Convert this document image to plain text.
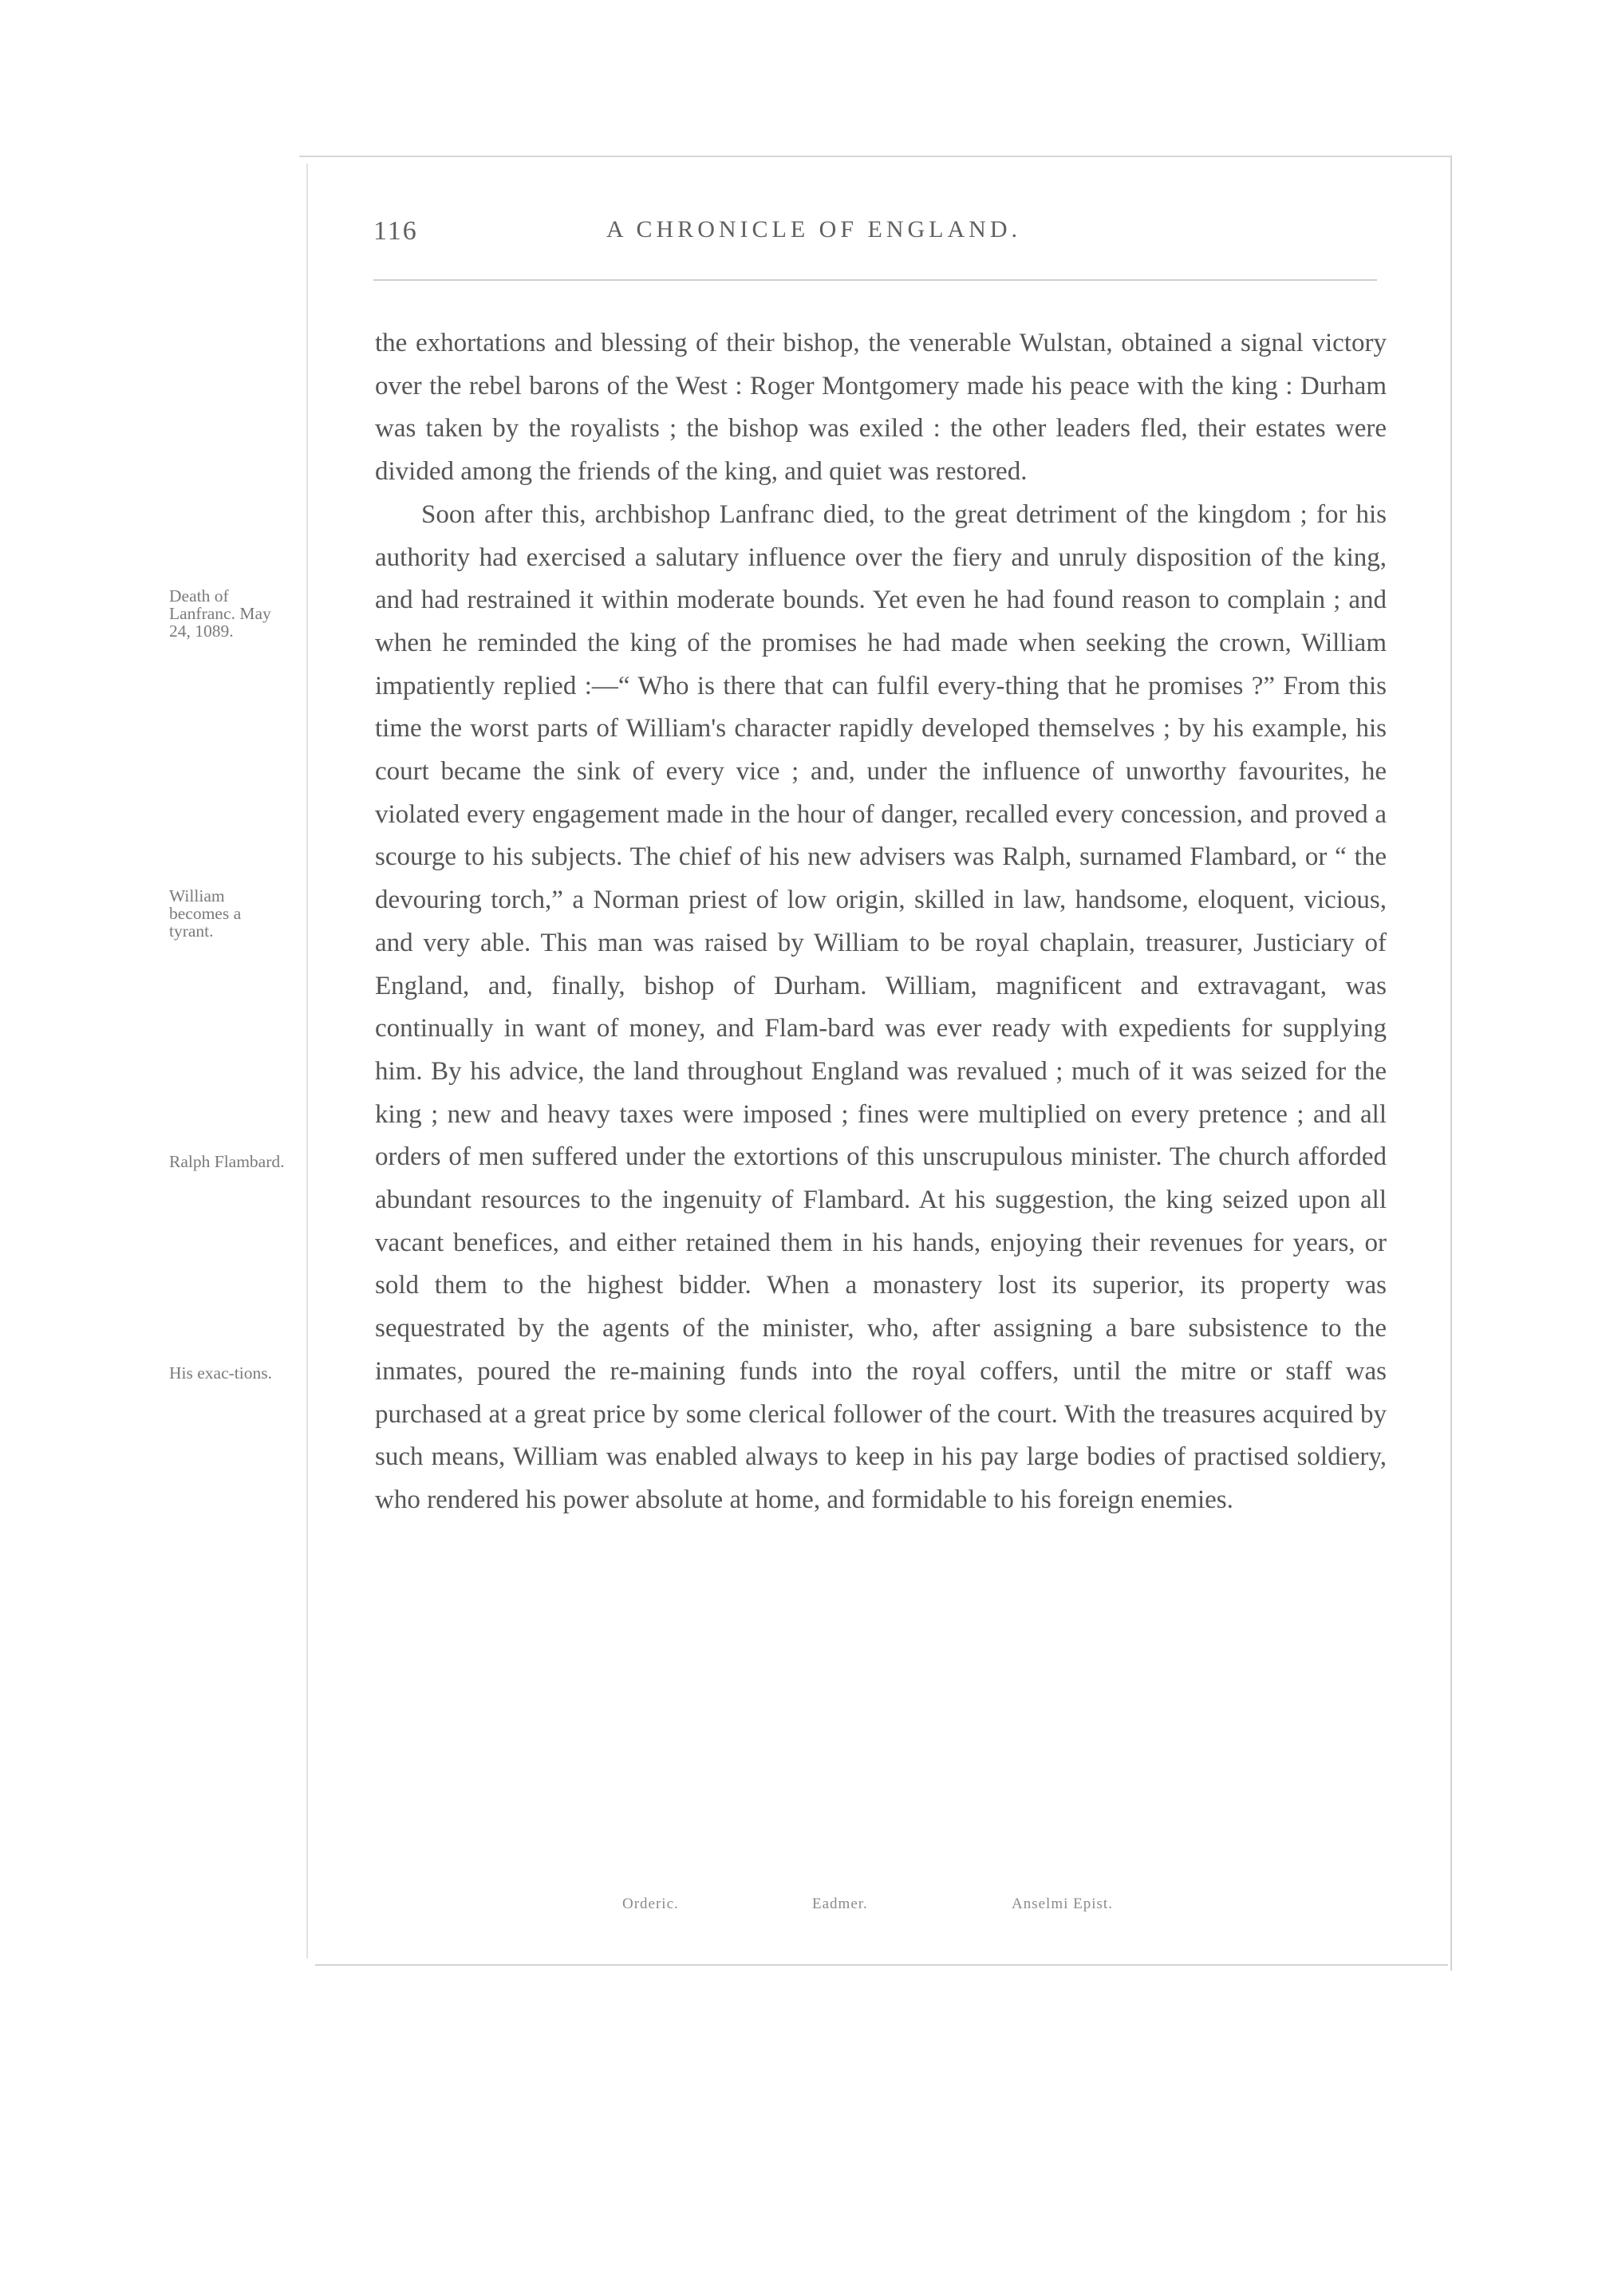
116	A CHRONICLE OF ENGLAND.

the exhortations and blessing of their bishop, the venerable Wulstan, obtained a signal victory over the rebel barons of the West : Roger Montgomery made his peace with the king : Durham was taken by the royalists ; the bishop was exiled : the other leaders fled, their estates were divided among the friends of the king, and quiet was restored.

Soon after this, archbishop Lanfranc died, to the great detriment of the kingdom ; for his authority had exercised a salutary influence over the fiery and unruly disposition of the king, and had restrained it within moderate bounds. Yet even he had found reason to complain ; and when he reminded the king of the promises he had made when seeking the crown, William impatiently replied :—“ Who is there that can fulfil every-thing that he promises ?” From this time the worst parts of William's character rapidly developed themselves ; by his example, his court became the sink of every vice ; and, under the influence of unworthy favourites, he violated every engagement made in the hour of danger, recalled every concession, and proved a scourge to his subjects. The chief of his new advisers was Ralph, surnamed Flambard, or “ the devouring torch,” a Norman priest of low origin, skilled in law, handsome, eloquent, vicious, and very able. This man was raised by William to be royal chaplain, treasurer, Justiciary of England, and, finally, bishop of Durham. William, magnificent and extravagant, was continually in want of money, and Flam-bard was ever ready with expedients for supplying him. By his advice, the land throughout England was revalued ; much of it was seized for the king ; new and heavy taxes were imposed ; fines were multiplied on every pretence ; and all orders of men suffered under the extortions of this unscrupulous minister. The church afforded abundant resources to the ingenuity of Flambard. At his suggestion, the king seized upon all vacant benefices, and either retained them in his hands, enjoying their revenues for years, or sold them to the highest bidder. When a monastery lost its superior, its property was sequestrated by the agents of the minister, who, after assigning a bare subsistence to the inmates, poured the re-maining funds into the royal coffers, until the mitre or staff was purchased at a great price by some clerical follower of the court. With the treasures acquired by such means, William was enabled always to keep in his pay large bodies of practised soldiery, who rendered his power absolute at home, and formidable to his foreign enemies.

Death of Lanfranc. May 24, 1089.
William becomes a tyrant.
Ralph Flambard.
His exac-tions.
Orderic.	Eadmer.	Anselmi Epist.
